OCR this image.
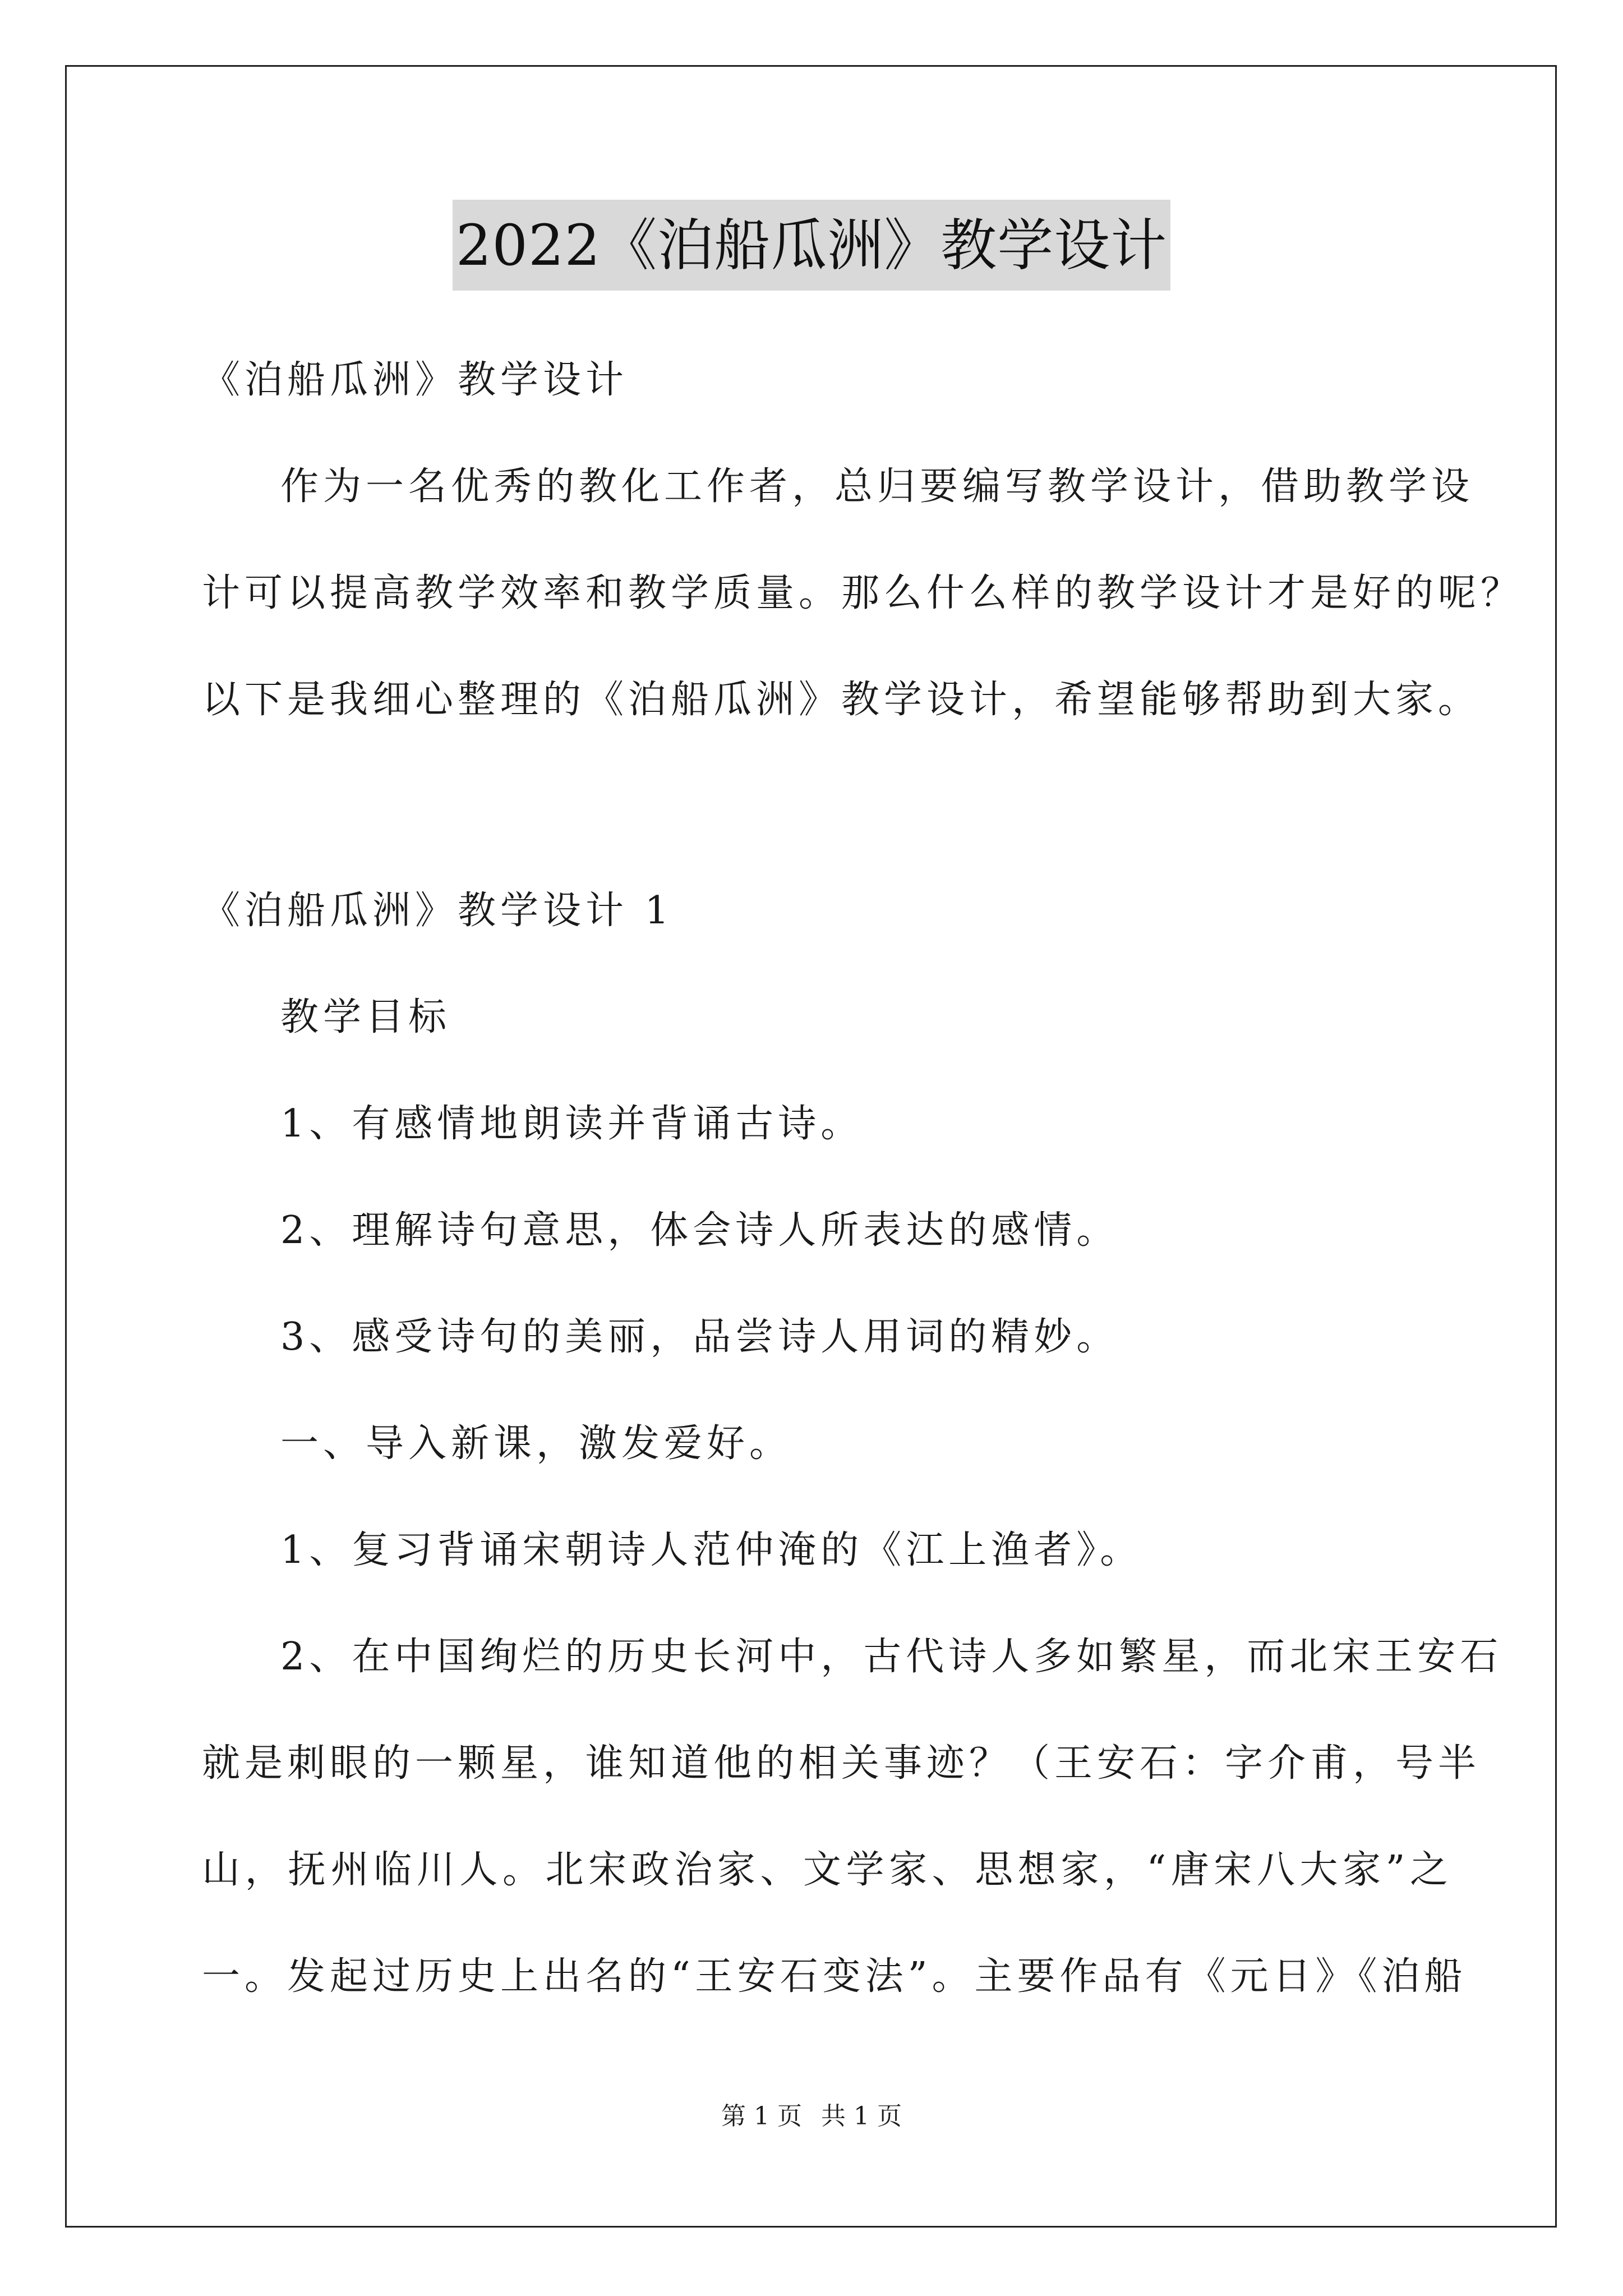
2022《泊船瓜洲》教学设计
《泊船瓜洲》教学设计
作为一名优秀的教化工作者，总归要编写教学设计，借助教学设
计可以提高教学效率和教学质量。那么什么样的教学设计才是好的呢？
以下是我细心整理的《泊船瓜洲》教学设计，希望能够帮助到大家。
《泊船瓜洲》教学设计 1
教学目标
1、有感情地朗读并背诵古诗。
2、理解诗句意思，体会诗人所表达的感情。
3、感受诗句的美丽，品尝诗人用词的精妙。
一、导入新课，激发爱好。
1、复习背诵宋朝诗人范仲淹的《江上渔者》。
2、在中国绚烂的历史长河中，古代诗人多如繁星，而北宋王安石
就是刺眼的一颗星，谁知道他的相关事迹？（王安石：字介甫，号半
山，抚州临川人。北宋政治家、文学家、思想家，“唐宋八大家”之
一。发起过历史上出名的“王安石变法”。主要作品有《元日》《泊船
第 1 页 共 1 页
